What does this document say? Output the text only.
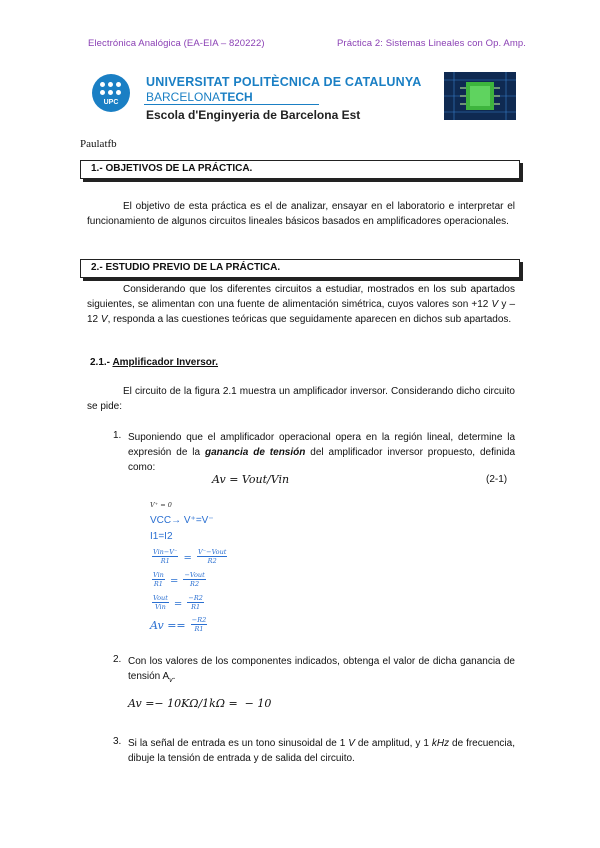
Electrónica Analógica (EA-EIA – 820222)	Práctica 2: Sistemas Lineales con Op. Amp.
UPC
UNIVERSITAT POLITÈCNICA DE CATALUNYA
BARCELONATECH
Escola d'Enginyeria de Barcelona Est
Paulatfb
1.- OBJETIVOS DE LA PRÁCTICA.
El objetivo de esta práctica es el de analizar, ensayar en el laboratorio e interpretar el funcionamiento de algunos circuitos lineales básicos basados en amplificadores operacionales.
2.- ESTUDIO PREVIO DE LA PRÁCTICA.
Considerando que los diferentes circuitos a estudiar, mostrados en los sub apartados siguientes, se alimentan con una fuente de alimentación simétrica, cuyos valores son +12 V y –12 V, responda a las cuestiones teóricas que seguidamente aparecen en dichos sub apartados.
2.1.- Amplificador Inversor.
El circuito de la figura 2.1 muestra un amplificador inversor. Considerando dicho circuito se pide:
1. Suponiendo que el amplificador operacional opera en la región lineal, determine la expresión de la ganancia de tensión del amplificador inversor propuesto, definida como:
Av = Vout/Vin	(2-1)
V⁺ = 0
VCC→ V⁺=V⁻
I1=I2
$\frac{\text{Vin−V⁻}}{R1} = \frac{\text{V⁻−Vout}}{R2}$
$\frac{\text{Vin}}{R1} = \frac{\text{−Vout}}{R2}$
$\frac{\text{Vout}}{\text{Vin}} = \frac{-R2}{R1}$
$Av == \frac{-R2}{R1}$
2. Con los valores de los componentes indicados, obtenga el valor de dicha ganancia de tensión $A_v$.
Av =− 10KΩ/1kΩ =  − 10
3. Si la señal de entrada es un tono sinusoidal de 1 V de amplitud, y 1 kHz de frecuencia, dibuje la tensión de entrada y de salida del circuito.
